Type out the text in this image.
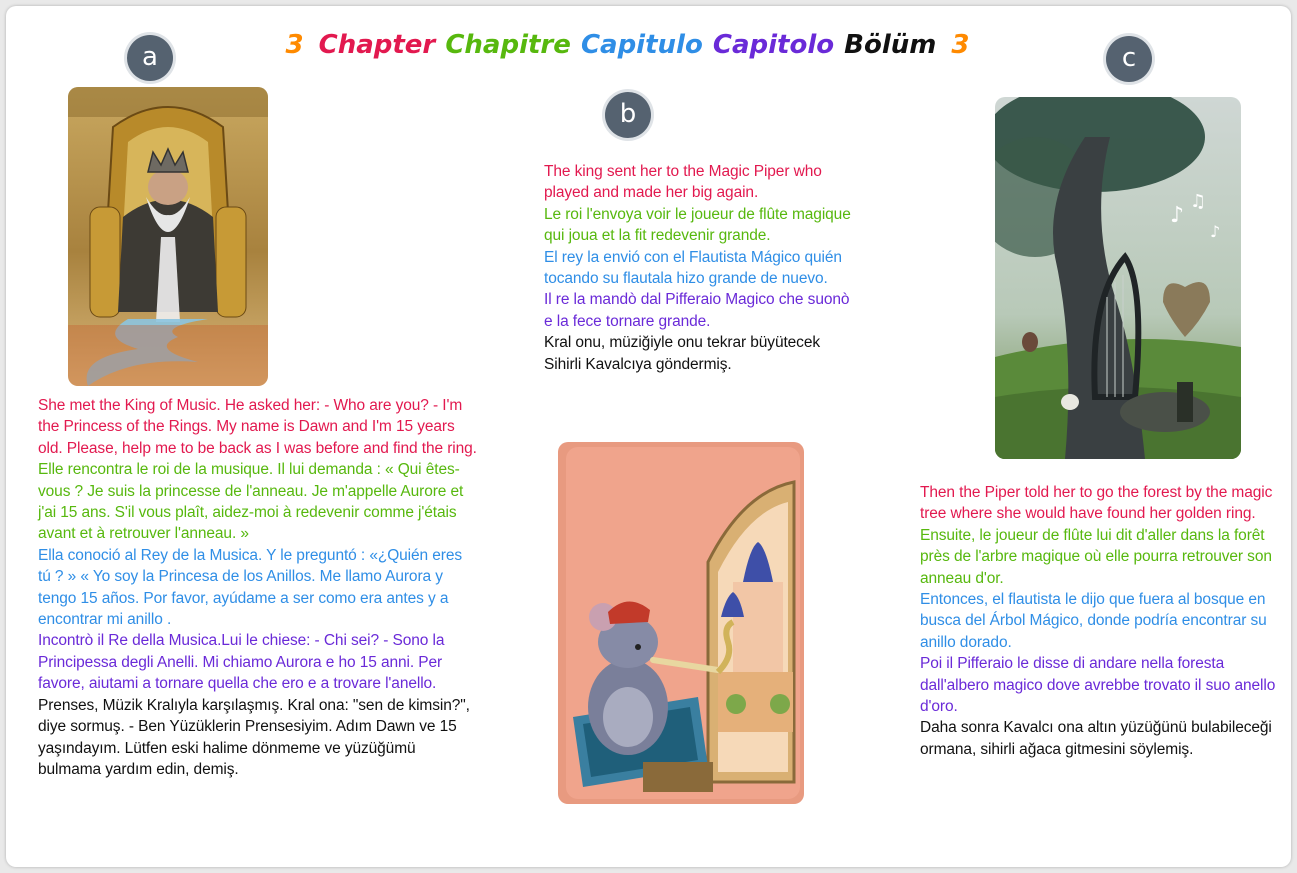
3 Chapter Chapitre Capitulo Capitolo Bölüm 3
a
b
c
♪
♫
♪

She met the King of Music. He asked her: - Who are you? - I'm the Princess of the Rings. My name is Dawn and I'm 15 years old. Please, help me to be back as I was before and find the ring.

Elle rencontra le roi de la musique. Il lui demanda : « Qui êtes-vous ? Je suis la princesse de l'anneau. Je m'appelle Aurore et j'ai 15 ans. S'il vous plaît, aidez-moi à redevenir comme j'étais avant et à retrouver l'anneau. »

Ella conoció al Rey de la Musica. Y le preguntó : «¿Quién eres tú ? » « Yo soy la Princesa de los Anillos. Me llamo Aurora y tengo 15 años. Por favor, ayúdame a ser como era antes y a encontrar mi anillo .

Incontrò il Re della Musica.Lui le chiese: - Chi sei? - Sono la Principessa degli Anelli. Mi chiamo Aurora e ho 15 anni. Per favore, aiutami a tornare quella che ero e a trovare l'anello.

Prenses, Müzik Kralıyla karşılaşmış. Kral ona: "sen de kimsin?", diye sormuş. - Ben Yüzüklerin Prensesiyim. Adım Dawn ve 15 yaşındayım. Lütfen eski halime dönmeme ve yüzüğümü bulmama yardım edin, demiş.

The king sent her to the Magic Piper who played and made her big again.

Le roi l'envoya voir le joueur de flûte magique qui joua et la fit redevenir grande.

El rey la envió con el Flautista Mágico quién tocando su flautala hizo grande de nuevo.

Il re la mandò dal Pifferaio Magico che suonò e la fece tornare grande.

Kral onu, müziğiyle onu tekrar büyütecek Sihirli Kavalcıya göndermiş.

Then the Piper told her to go the forest by the magic tree where she would have found her golden ring.

Ensuite, le joueur de flûte lui dit d'aller dans la forêt près de l'arbre magique où elle pourra retrouver son anneau d'or.

Entonces, el flautista le dijo que fuera al bosque en busca del Árbol Mágico, donde podría encontrar su anillo dorado.

Poi il Pifferaio le disse di andare nella foresta dall'albero magico dove avrebbe trovato il suo anello d'oro.

Daha sonra Kavalcı ona altın yüzüğünü bulabileceği ormana, sihirli ağaca gitmesini söylemiş.
